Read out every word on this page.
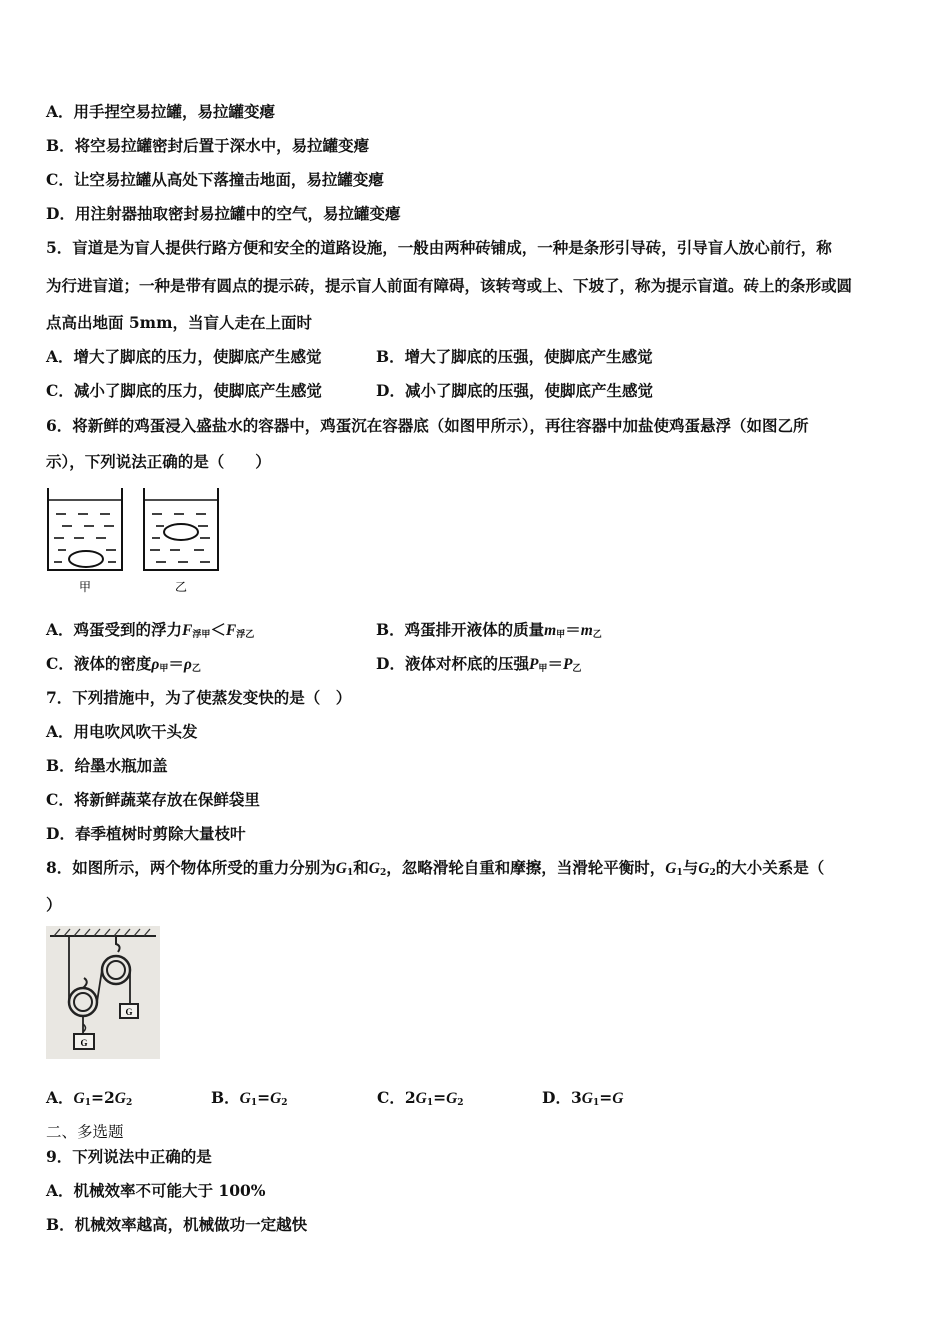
A．用手捏空易拉罐，易拉罐变瘪
B．将空易拉罐密封后置于深水中，易拉罐变瘪
C．让空易拉罐从高处下落撞击地面，易拉罐变瘪
D．用注射器抽取密封易拉罐中的空气，易拉罐变瘪
5．盲道是为盲人提供行路方便和安全的道路设施，一般由两种砖铺成，一种是条形引导砖，引导盲人放心前行，称
为行进盲道；一种是带有圆点的提示砖，提示盲人前面有障碍，该转弯或上、下坡了，称为提示盲道。砖上的条形或圆
点高出地面 5mm，当盲人走在上面时
A．增大了脚底的压力，使脚底产生感觉	B．增大了脚底的压强，使脚底产生感觉
C．减小了脚底的压力，使脚底产生感觉	D．减小了脚底的压强，使脚底产生感觉
6．将新鲜的鸡蛋浸入盛盐水的容器中，鸡蛋沉在容器底（如图甲所示），再往容器中加盐使鸡蛋悬浮（如图乙所
示），下列说法正确的是（　　）
甲	乙
A．鸡蛋受到的浮力$F_{浮甲}<F_{浮乙}$	B．鸡蛋排开液体的质量$m_甲=m_乙$
C．液体的密度$\rho_甲=\rho_乙$	D．液体对杯底的压强$P_甲=P_乙$
7．下列措施中，为了使蒸发变快的是（　）
A．用电吹风吹干头发
B．给墨水瓶加盖
C．将新鲜蔬菜存放在保鲜袋里
D．春季植树时剪除大量枝叶
8．如图所示，两个物体所受的重力分别为$G_1$和$G_2$，忽略滑轮自重和摩擦，当滑轮平衡时，$G_1$与$G_2$的大小关系是（
）
G
G
A．$G_1=2G_2$	B．$G_1=G_2$	C．$2G_1=G_2$	D．$3G_1=G$
二、多选题
9．下列说法中正确的是
A．机械效率不可能大于 100%
B．机械效率越高，机械做功一定越快
